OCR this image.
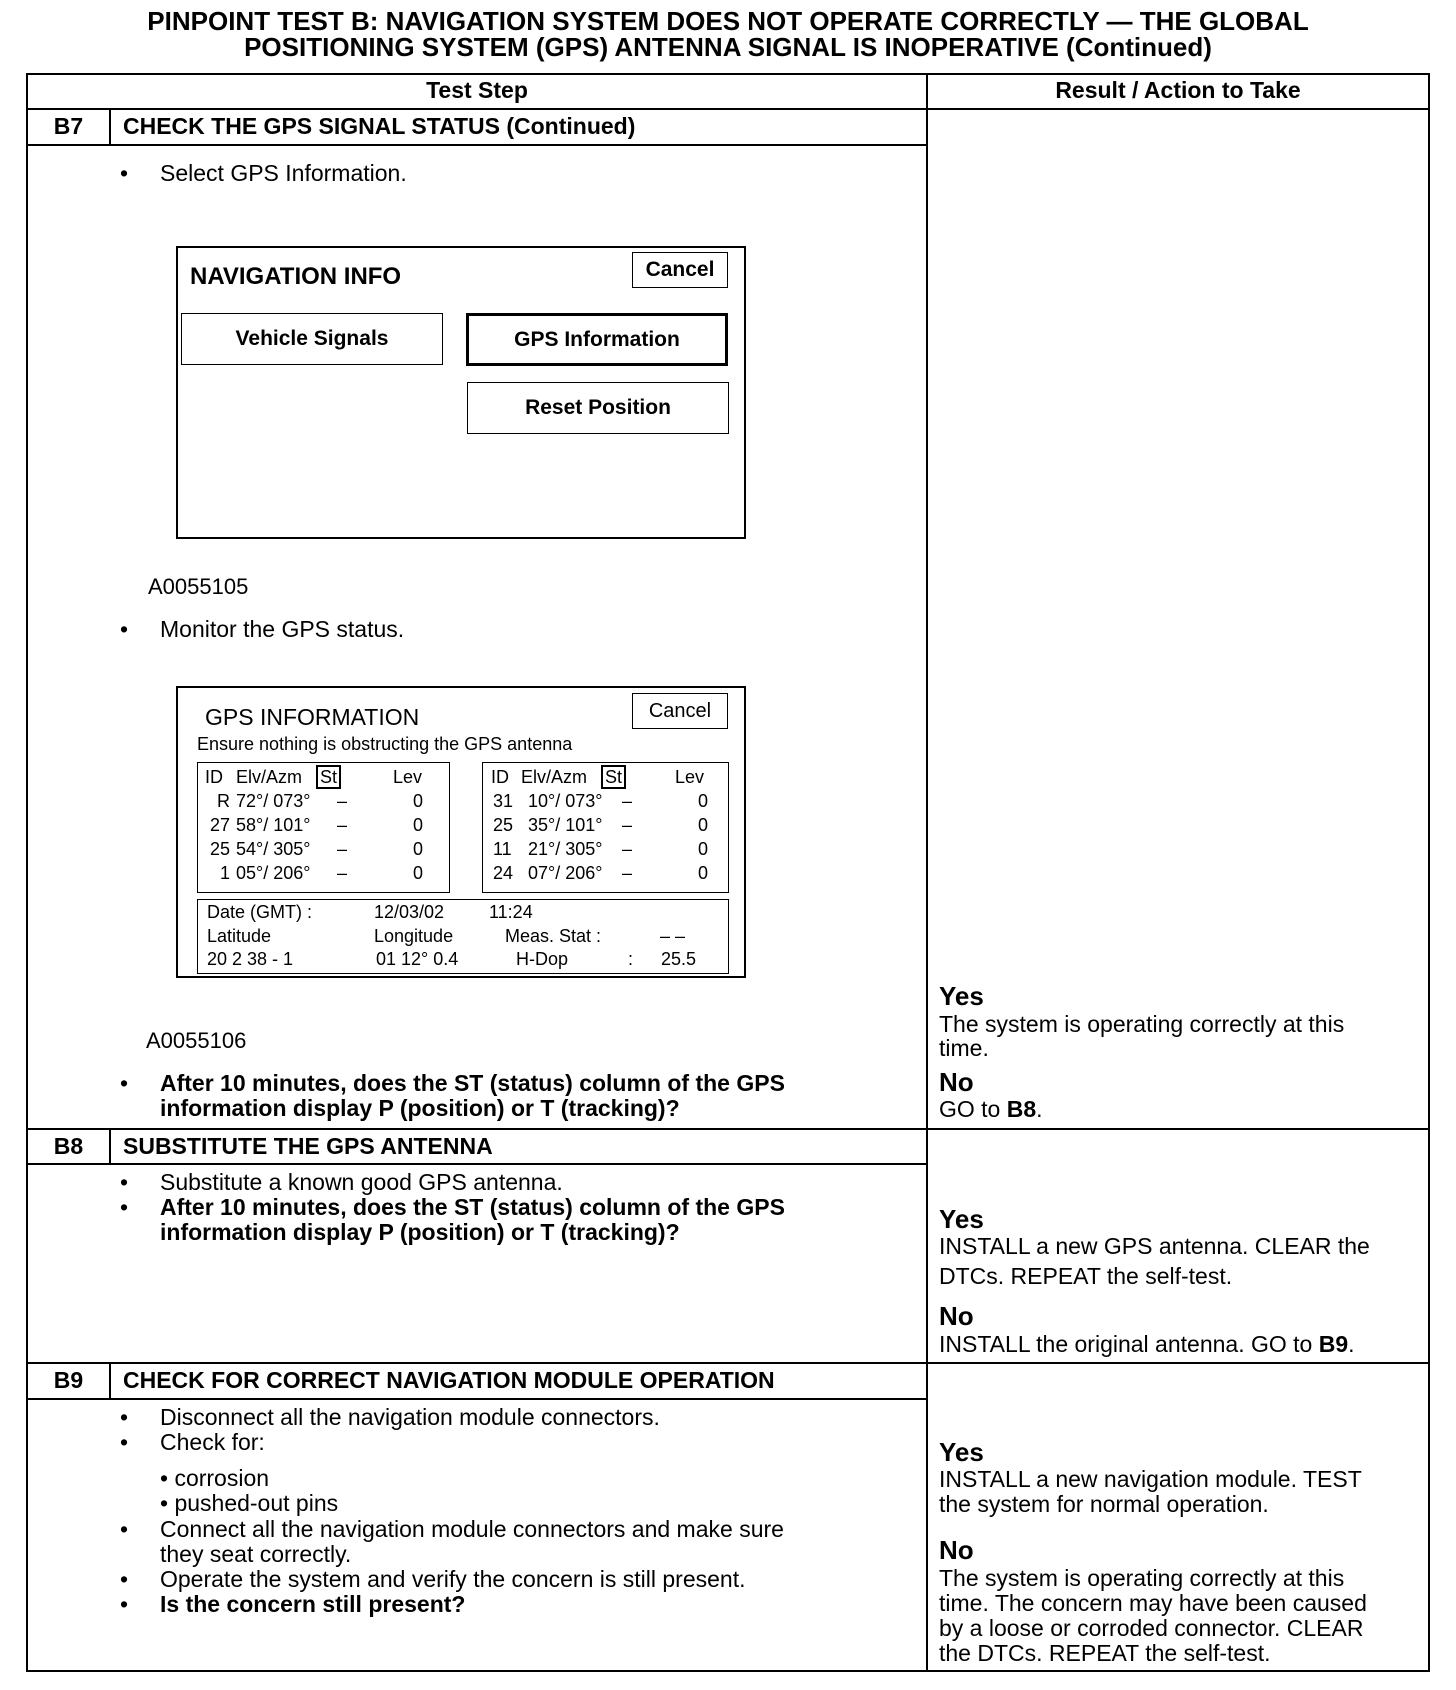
PINPOINT TEST B: NAVIGATION SYSTEM DOES NOT OPERATE CORRECTLY — THE GLOBAL
POSITIONING SYSTEM (GPS) ANTENNA SIGNAL IS INOPERATIVE (Continued)
Test Step	Result / Action to Take
B7	CHECK THE GPS SIGNAL STATUS (Continued)
• Select GPS Information.
NAVIGATION INFO	Cancel
Vehicle Signals	GPS Information
Reset Position
A0055105
• Monitor the GPS status.
GPS INFORMATION	Cancel
Ensure nothing is obstructing the GPS antenna
ID Elv/Azm St	Lev
R 72°/ 073° –	0
27 58°/ 101° –	0
25 54°/ 305° –	0
1 05°/ 206° –	0
ID Elv/Azm St	Lev
31 10°/ 073° –	0
25 35°/ 101° –	0
11 21°/ 305° –	0
24 07°/ 206° –	0
Date (GMT) :	12/03/02 11:24
Latitude	Longitude	Meas. Stat :	– –
20 2 38 - 1	01 12° 0.4	H-Dop	: 25.5
A0055106
• After 10 minutes, does the ST (status) column of the GPS
information display P (position) or T (tracking)?
Yes
The system is operating correctly at this
time.
No
GO to B8.
B8	SUBSTITUTE THE GPS ANTENNA
• Substitute a known good GPS antenna.
• After 10 minutes, does the ST (status) column of the GPS
information display P (position) or T (tracking)?	Yes
INSTALL a new GPS antenna. CLEAR the
DTCs. REPEAT the self-test.
No
INSTALL the original antenna. GO to B9.
B9	CHECK FOR CORRECT NAVIGATION MODULE OPERATION
• Disconnect all the navigation module connectors.
• Check for:
• corrosion
• pushed-out pins
• Connect all the navigation module connectors and make sure
they seat correctly.
• Operate the system and verify the concern is still present.
• Is the concern still present?
Yes
INSTALL a new navigation module. TEST
the system for normal operation.
No
The system is operating correctly at this
time. The concern may have been caused
by a loose or corroded connector. CLEAR
the DTCs. REPEAT the self-test.
